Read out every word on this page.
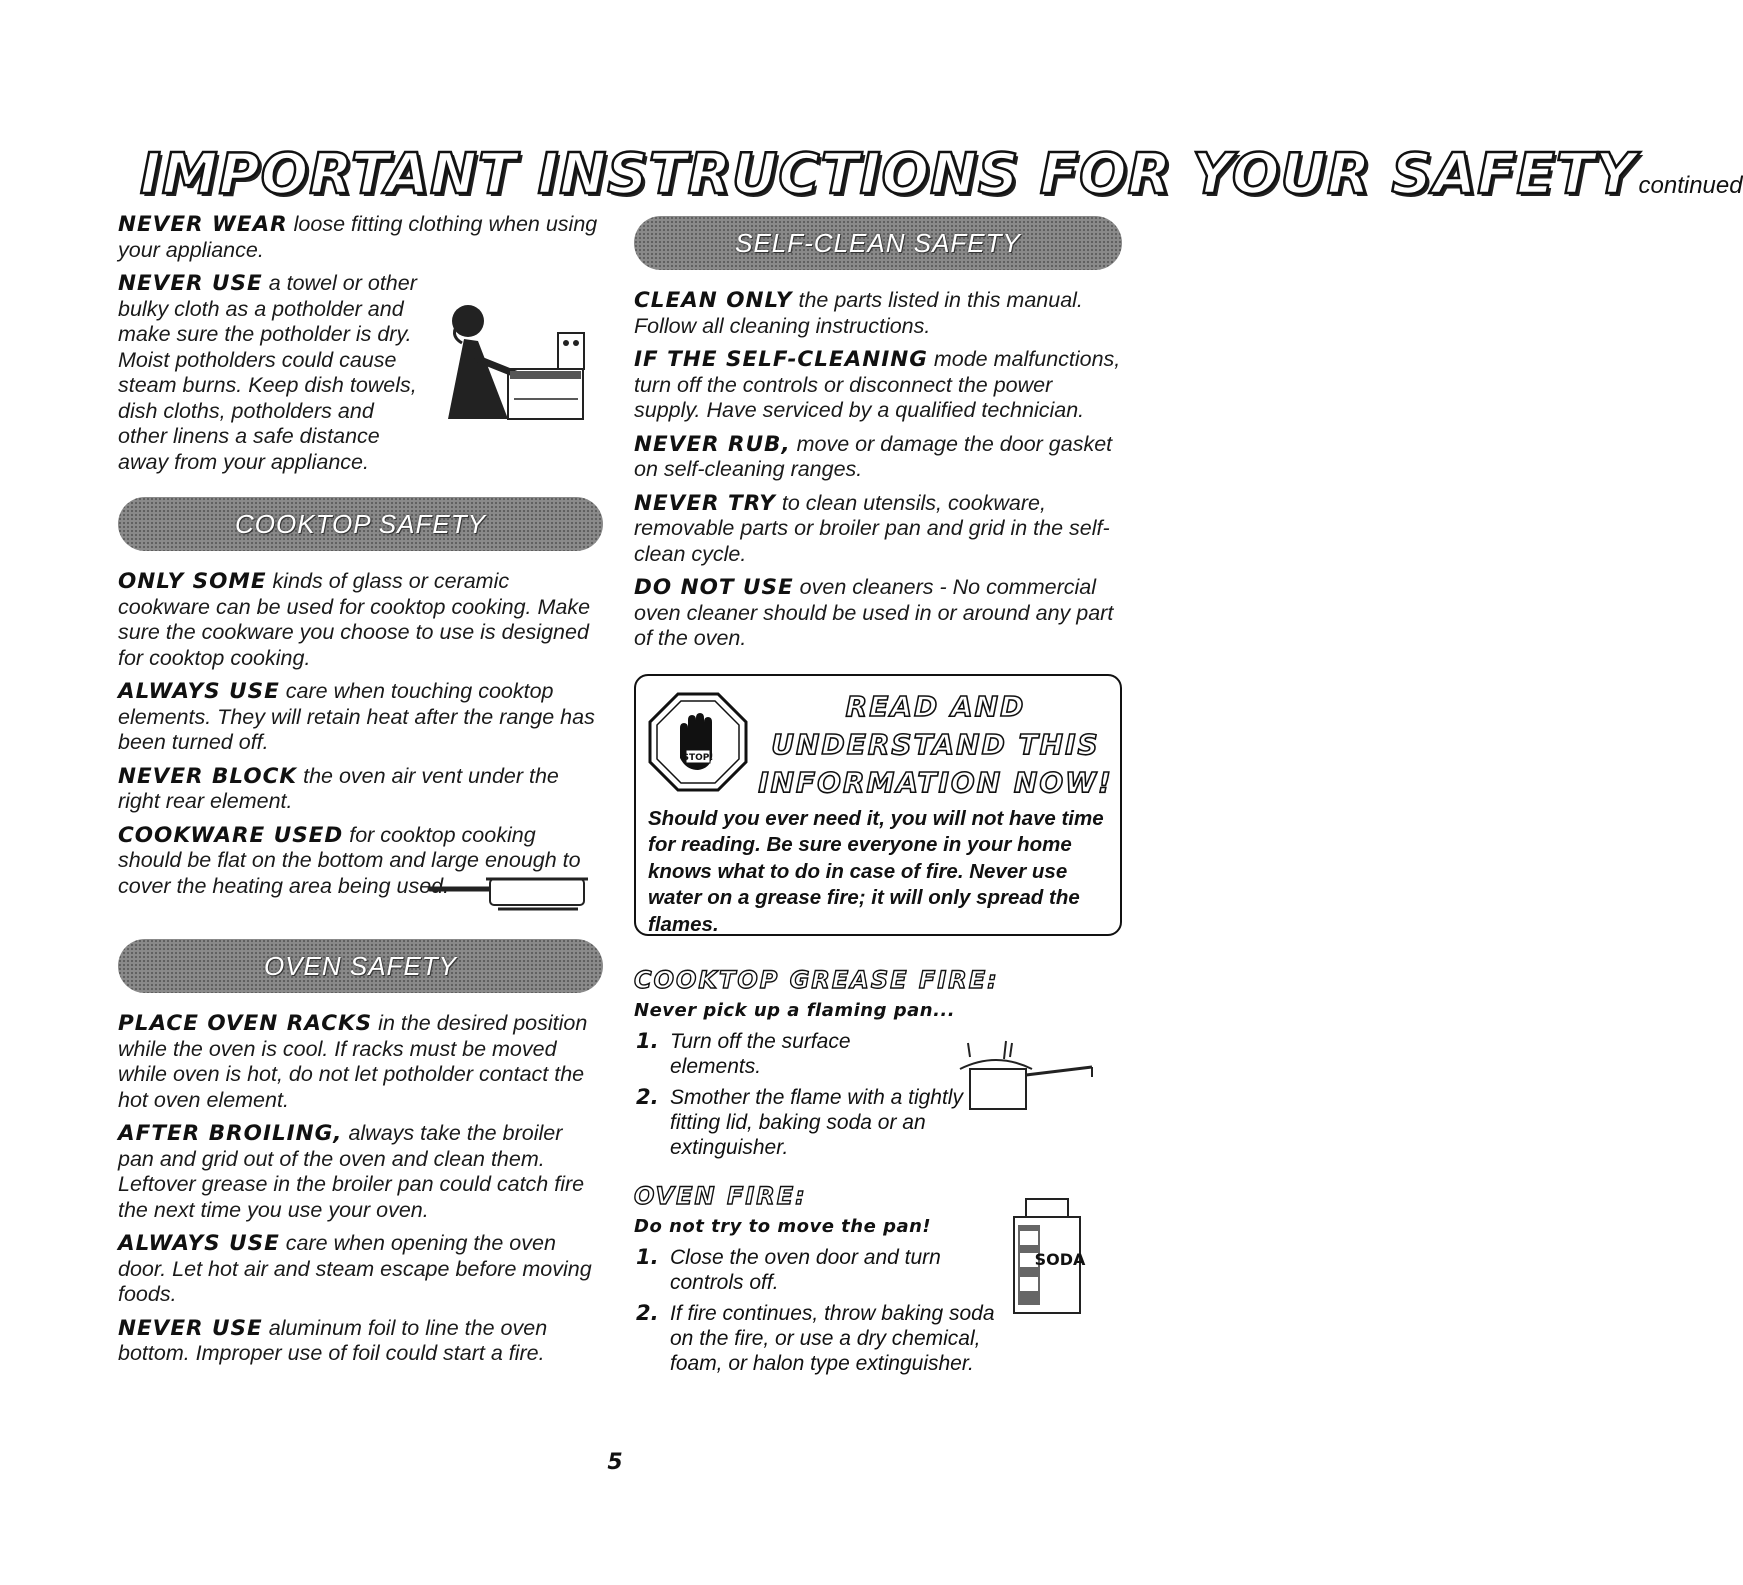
IMPORTANT INSTRUCTIONS FOR YOUR SAFETYcontinued

NEVER WEAR loose fitting clothing when using your appliance.

NEVER USE a towel or other bulky cloth as a potholder and make sure the potholder is dry. Moist potholders could cause steam burns. Keep dish towels, dish cloths, potholders and other linens a safe distance away from your appliance.

COOKTOP SAFETY

ONLY SOME kinds of glass or ceramic cookware can be used for cooktop cooking. Make sure the cookware you choose to use is designed for cooktop cooking.

ALWAYS USE care when touching cooktop elements. They will retain heat after the range has been turned off.

NEVER BLOCK the oven air vent under the right rear element.

COOKWARE USED for cooktop cooking should be flat on the bottom and large enough to cover the heating area being used.

OVEN SAFETY

PLACE OVEN RACKS in the desired position while the oven is cool. If racks must be moved while oven is hot, do not let potholder contact the hot oven element.

AFTER BROILING, always take the broiler pan and grid out of the oven and clean them. Leftover grease in the broiler pan could catch fire the next time you use your oven.

ALWAYS USE care when opening the oven door. Let hot air and steam escape before moving foods.

NEVER USE aluminum foil to line the oven bottom. Improper use of foil could start a fire.

SELF-CLEAN SAFETY

CLEAN ONLY the parts listed in this manual. Follow all cleaning instructions.

IF THE SELF-CLEANING mode malfunctions, turn off the controls or disconnect the power supply. Have serviced by a qualified technician.

NEVER RUB, move or damage the door gasket on self-cleaning ranges.

NEVER TRY to clean utensils, cookware, removable parts or broiler pan and grid in the self-clean cycle.

DO NOT USE oven cleaners - No commercial oven cleaner should be used in or around any part of the oven.

STOP!
READ AND
UNDERSTAND THIS
INFORMATION NOW!
Should you ever need it, you will not have time for reading. Be sure everyone in your home knows what to do in case of fire. Never use water on a grease fire; it will only spread the flames.
COOKTOP GREASE FIRE:
Never pick up a flaming pan...
1. Turn off the surface elements.
2. Smother the flame with a tightly fitting lid, baking soda or an extinguisher.
OVEN FIRE:
Do not try to move the pan!
1. Close the oven door and turn controls off.
2. If fire continues, throw baking soda on the fire, or use a dry chemical, foam, or halon type extinguisher.
SODA
5
